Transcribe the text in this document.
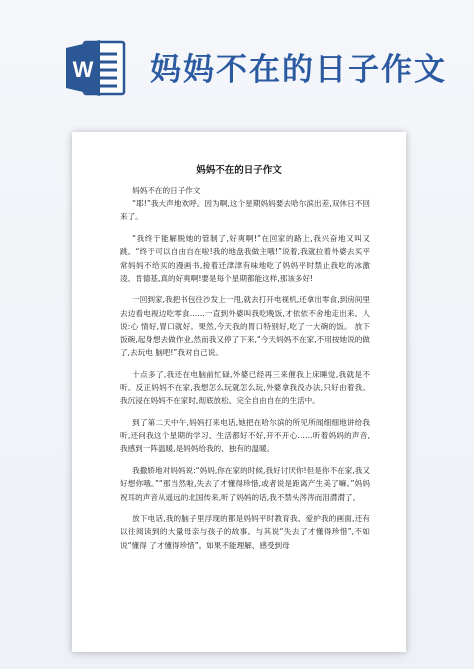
W 妈妈不在的日子作文
妈妈不在的日子作文

妈妈不在的日子作文

“耶!”我大声地欢呼。因为啊,这个星期妈妈要去哈尔滨出差,双休日不回来了。

“我终于能解脱她的管制了,好爽啊!”在回家的路上,我兴奋地又叫又跳。“终于可以自由自在啦!我的地盘我做主哦!”说着,我就拉着外婆去买平常妈妈不给买的漫画书,接着迁津津有味地吃了妈妈平时禁止我吃的冰激凌、肯德基,真的好爽啊!要是每个星期都能这样,那该多好!

一回到家,我把书包往沙发上一甩,就去打开电视机,还拿出零食,到房间里去边看电视边吃零食……一直到外婆叫我吃晚饭,才依依不舍地走出来。人说:心 情好,胃口就好。果然,今天我的胃口特别好,吃了一大碗的饭。 放下饭碗,起身想去做作业,然而我又停了下来,“今天妈妈不在家,不用按她说的做了,去玩电 脑吧!”我对自己说。

十点多了,我还在电脑前忙碌,外婆已经再三来催我上床睡觉,我就是不听。反正妈妈不在家,我想怎么玩就怎么玩,外婆拿我没办法,只好由着我。我沉浸在妈妈不在家时,彻底放松、完全自由自在的生活中。

到了第二天中午,妈妈打来电话,她把在哈尔滨的所见所闻细细地讲给我听,还问我这个星期的学习、生活都好不好,开不开心……听着妈妈的声音,我感到一阵温暖,是妈妈给我的、独有的温暖。

我撒娇地对妈妈说:“妈妈,你在家的时候,我好讨厌你!但是你不在家,我又好想你哦。”“那当然啦,失去了才懂得珍惜,或者说是距离产生美了嘛。”妈妈祝耳的声音从遥远的北国传来,听了妈妈的话,我不禁头涔涔而泪潸潸了。

放下电话,我的脑子里浮现的都是妈妈平时教育我、爱护我的画面,还有以往阅读到的大量母亲与孩子的故事。与其说“失去了才懂得珍惜”,不如说“懂得 了才懂得珍惜”。如果不能理解、感受到母
